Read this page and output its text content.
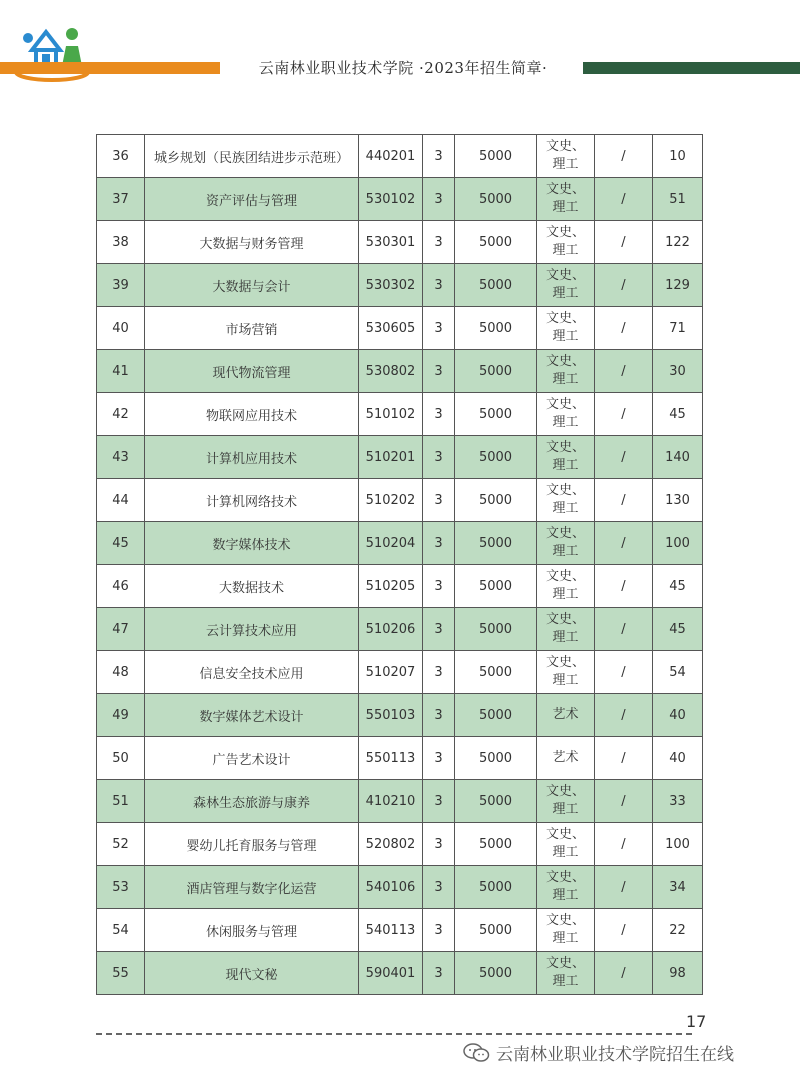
云南林业职业技术学院 ·2023年招生简章·
36	城乡规划（民族团结进步示范班）	440201	3	5000	文史、理工	/	10
37	资产评估与管理	530102	3	5000	文史、理工	/	51
38	大数据与财务管理	530301	3	5000	文史、理工	/	122
39	大数据与会计	530302	3	5000	文史、理工	/	129
40	市场营销	530605	3	5000	文史、理工	/	71
41	现代物流管理	530802	3	5000	文史、理工	/	30
42	物联网应用技术	510102	3	5000	文史、理工	/	45
43	计算机应用技术	510201	3	5000	文史、理工	/	140
44	计算机网络技术	510202	3	5000	文史、理工	/	130
45	数字媒体技术	510204	3	5000	文史、理工	/	100
46	大数据技术	510205	3	5000	文史、理工	/	45
47	云计算技术应用	510206	3	5000	文史、理工	/	45
48	信息安全技术应用	510207	3	5000	文史、理工	/	54
49	数字媒体艺术设计	550103	3	5000	艺术	/	40
50	广告艺术设计	550113	3	5000	艺术	/	40
51	森林生态旅游与康养	410210	3	5000	文史、理工	/	33
52	婴幼儿托育服务与管理	520802	3	5000	文史、理工	/	100
53	酒店管理与数字化运营	540106	3	5000	文史、理工	/	34
54	休闲服务与管理	540113	3	5000	文史、理工	/	22
55	现代文秘	590401	3	5000	文史、理工	/	98
17
云南林业职业技术学院招生在线
